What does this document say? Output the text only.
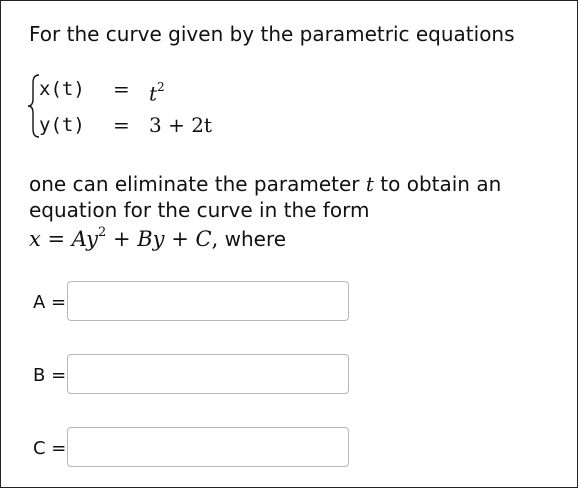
For the curve given by the parametric equations
$x(t) = t^2$
y(t) = 3 + 2t
one can eliminate the parameter t to obtain an
equation for the curve in the form
$x = Ay^2 + By + C$, where
A =
B =
C =
